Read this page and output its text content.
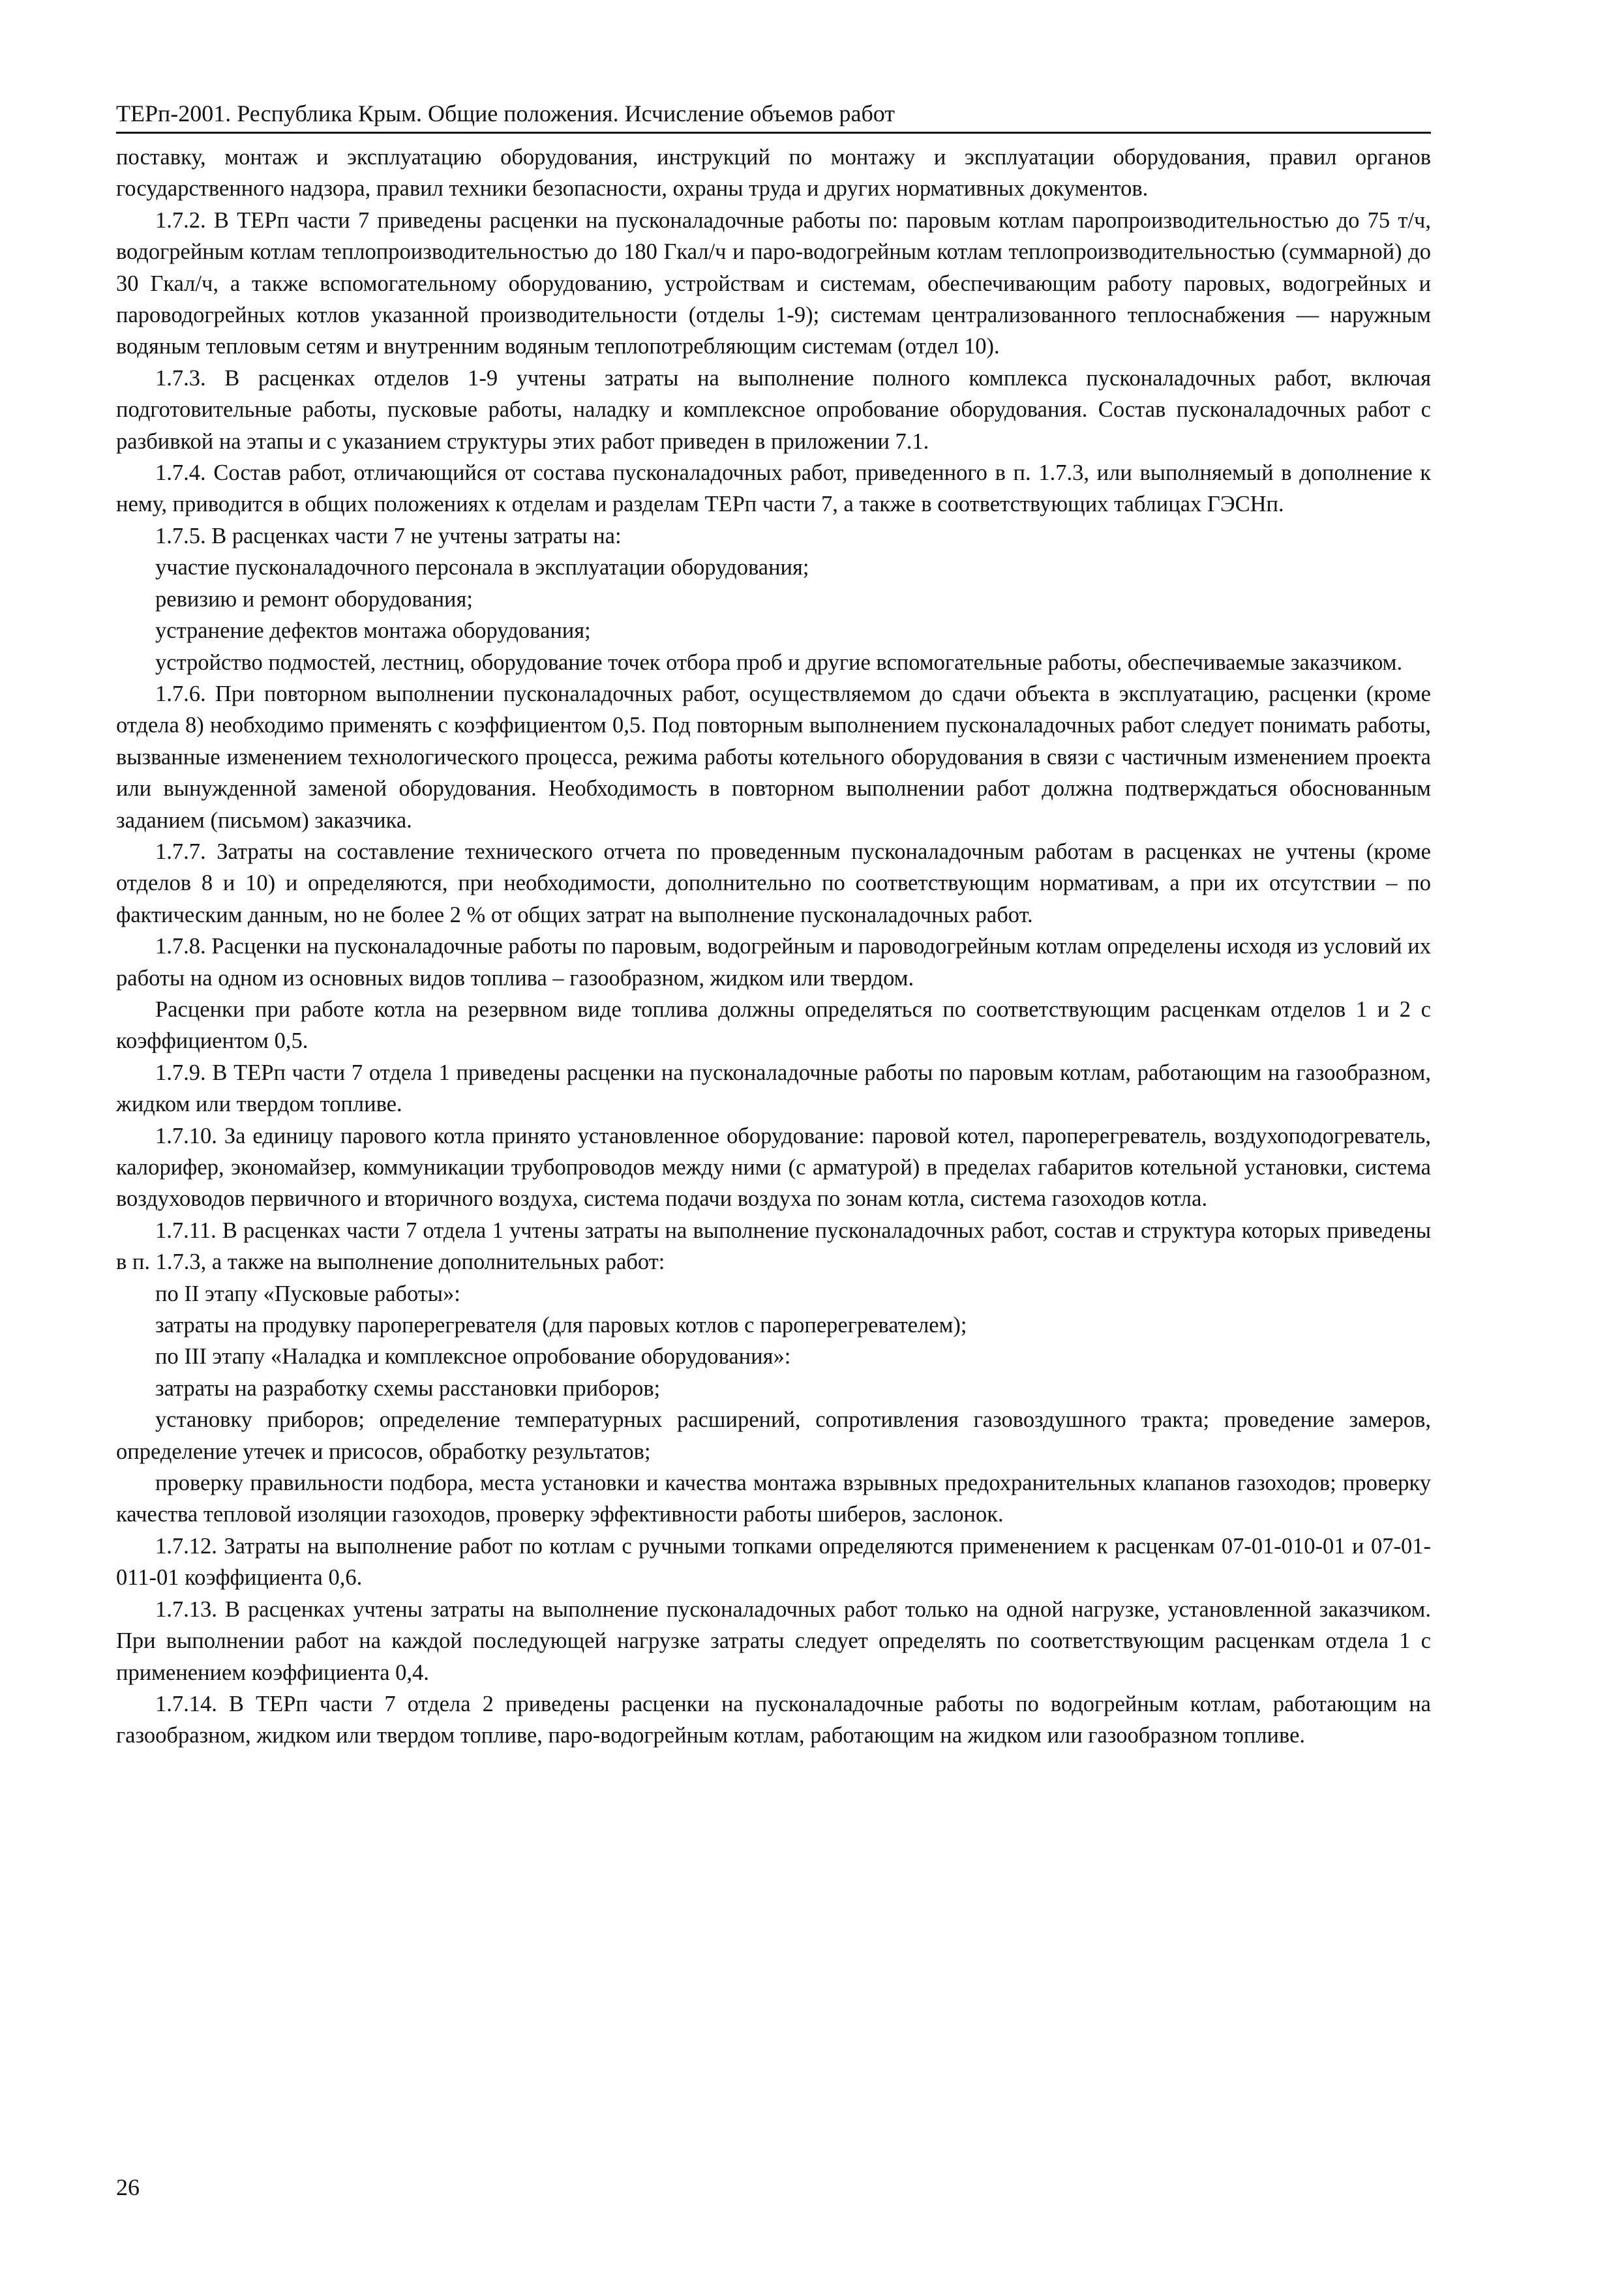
ТЕРп-2001. Республика Крым. Общие положения. Исчисление объемов работ

поставку, монтаж и эксплуатацию оборудования, инструкций по монтажу и эксплуатации оборудования, правил органов государственного надзора, правил техники безопасности, охраны труда и других нормативных документов.

1.7.2. В ТЕРп части 7 приведены расценки на пусконаладочные работы по: паровым котлам паропроизводительностью до 75 т/ч, водогрейным котлам теплопроизводительностью до 180 Гкал/ч и паро-водогрейным котлам теплопроизводительностью (суммарной) до 30 Гкал/ч, а также вспомогательному оборудованию, устройствам и системам, обеспечивающим работу паровых, водогрейных и пароводогрейных котлов указанной производительности (отделы 1-9); системам централизованного теплоснабжения — наружным водяным тепловым сетям и внутренним водяным теплопотребляющим системам (отдел 10).

1.7.3. В расценках отделов 1-9 учтены затраты на выполнение полного комплекса пусконаладочных работ, включая подготовительные работы, пусковые работы, наладку и комплексное опробование оборудования. Состав пусконаладочных работ с разбивкой на этапы и с указанием структуры этих работ приведен в приложении 7.1.

1.7.4. Состав работ, отличающийся от состава пусконаладочных работ, приведенного в п. 1.7.3, или выполняемый в дополнение к нему, приводится в общих положениях к отделам и разделам ТЕРп части 7, а также в соответствующих таблицах ГЭСНп.

1.7.5. В расценках части 7 не учтены затраты на:

участие пусконаладочного персонала в эксплуатации оборудования;

ревизию и ремонт оборудования;

устранение дефектов монтажа оборудования;

устройство подмостей, лестниц, оборудование точек отбора проб и другие вспомогательные работы, обеспечиваемые заказчиком.

1.7.6. При повторном выполнении пусконаладочных работ, осуществляемом до сдачи объекта в эксплуатацию, расценки (кроме отдела 8) необходимо применять с коэффициентом 0,5. Под повторным выполнением пусконаладочных работ следует понимать работы, вызванные изменением технологического процесса, режима работы котельного оборудования в связи с частичным изменением проекта или вынужденной заменой оборудования. Необходимость в повторном выполнении работ должна подтверждаться обоснованным заданием (письмом) заказчика.

1.7.7. Затраты на составление технического отчета по проведенным пусконаладочным работам в расценках не учтены (кроме отделов 8 и 10) и определяются, при необходимости, дополнительно по соответствующим нормативам, а при их отсутствии – по фактическим данным, но не более 2 % от общих затрат на выполнение пусконаладочных работ.

1.7.8. Расценки на пусконаладочные работы по паровым, водогрейным и пароводогрейным котлам определены исходя из условий их работы на одном из основных видов топлива – газообразном, жидком или твердом.

Расценки при работе котла на резервном виде топлива должны определяться по соответствующим расценкам отделов 1 и 2 с коэффициентом 0,5.

1.7.9. В ТЕРп части 7 отдела 1 приведены расценки на пусконаладочные работы по паровым котлам, работающим на газообразном, жидком или твердом топливе.

1.7.10. За единицу парового котла принято установленное оборудование: паровой котел, пароперегреватель, воздухоподогреватель, калорифер, экономайзер, коммуникации трубопроводов между ними (с арматурой) в пределах габаритов котельной установки, система воздуховодов первичного и вторичного воздуха, система подачи воздуха по зонам котла, система газоходов котла.

1.7.11. В расценках части 7 отдела 1 учтены затраты на выполнение пусконаладочных работ, состав и структура которых приведены в п. 1.7.3, а также на выполнение дополнительных работ:

по II этапу «Пусковые работы»:

затраты на продувку пароперегревателя (для паровых котлов с пароперегревателем);

по III этапу «Наладка и комплексное опробование оборудования»:

затраты на разработку схемы расстановки приборов;

установку приборов; определение температурных расширений, сопротивления газовоздушного тракта; проведение замеров, определение утечек и присосов, обработку результатов;

проверку правильности подбора, места установки и качества монтажа взрывных предохранительных клапанов газоходов; проверку качества тепловой изоляции газоходов, проверку эффективности работы шиберов, заслонок.

1.7.12. Затраты на выполнение работ по котлам с ручными топками определяются применением к расценкам 07-01-010-01 и 07-01-011-01 коэффициента 0,6.

1.7.13. В расценках учтены затраты на выполнение пусконаладочных работ только на одной нагрузке, установленной заказчиком. При выполнении работ на каждой последующей нагрузке затраты следует определять по соответствующим расценкам отдела 1 с применением коэффициента 0,4.

1.7.14. В ТЕРп части 7 отдела 2 приведены расценки на пусконаладочные работы по водогрейным котлам, работающим на газообразном, жидком или твердом топливе, паро-водогрейным котлам, работающим на жидком или газообразном топливе.

26
